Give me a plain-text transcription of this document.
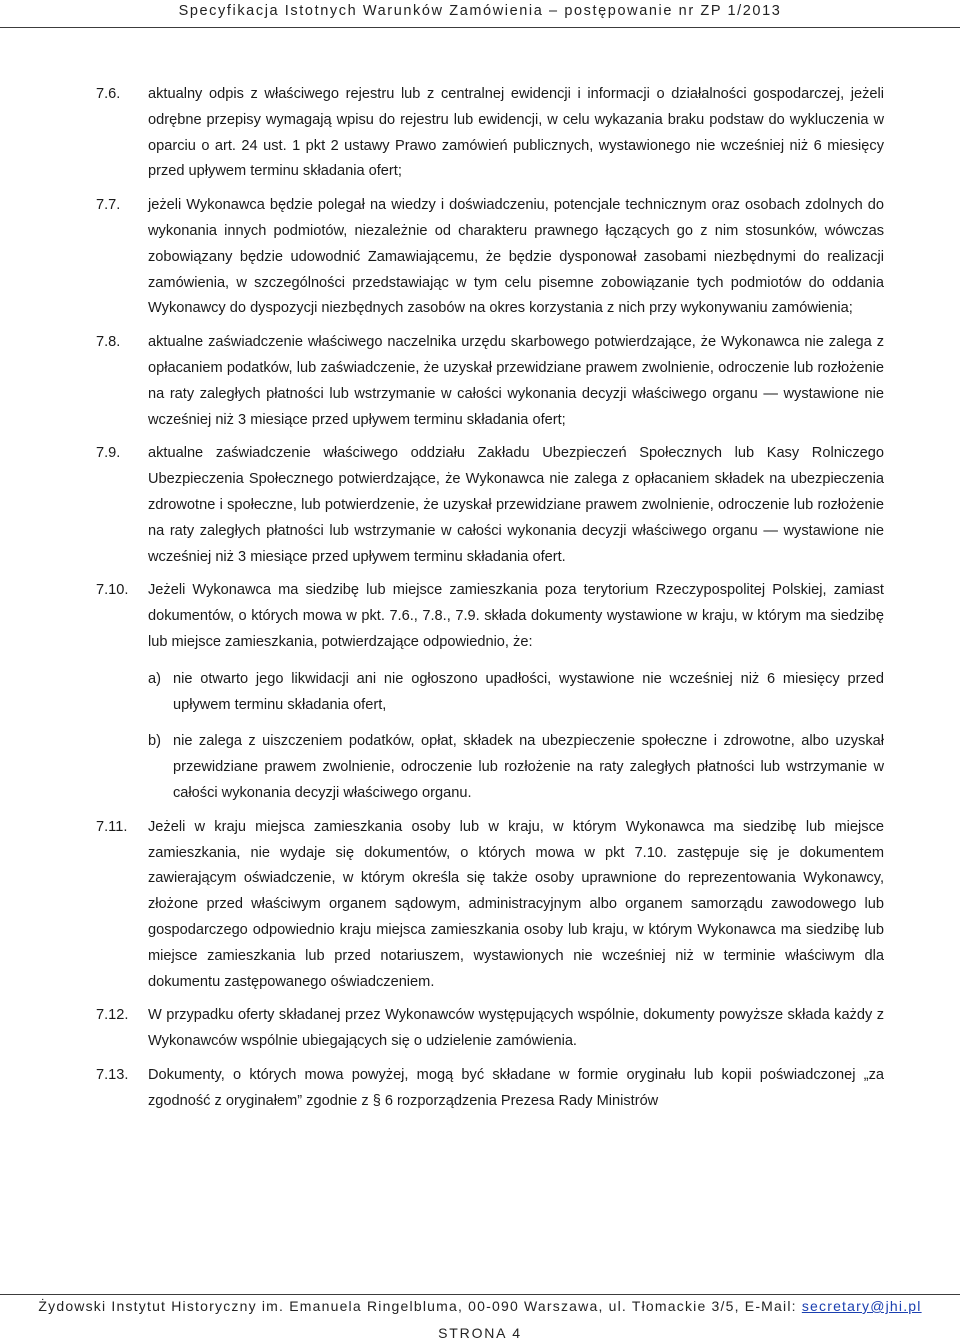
Specyfikacja Istotnych Warunków Zamówienia – postępowanie nr ZP 1/2013
7.6. aktualny odpis z właściwego rejestru lub z centralnej ewidencji i informacji o działalności gospodarczej, jeżeli odrębne przepisy wymagają wpisu do rejestru lub ewidencji, w celu wykazania braku podstaw do wykluczenia w oparciu o art. 24 ust. 1 pkt 2 ustawy Prawo zamówień publicznych, wystawionego nie wcześniej niż 6 miesięcy przed upływem terminu składania ofert;
7.7. jeżeli Wykonawca będzie polegał na wiedzy i doświadczeniu, potencjale technicznym oraz osobach zdolnych do wykonania innych podmiotów, niezależnie od charakteru prawnego łączących go z nim stosunków, wówczas zobowiązany będzie udowodnić Zamawiającemu, że będzie dysponował zasobami niezbędnymi do realizacji zamówienia, w szczególności przedstawiając w tym celu pisemne zobowiązanie tych podmiotów do oddania Wykonawcy do dyspozycji niezbędnych zasobów na okres korzystania z nich przy wykonywaniu zamówienia;
7.8. aktualne zaświadczenie właściwego naczelnika urzędu skarbowego potwierdzające, że Wykonawca nie zalega z opłacaniem podatków, lub zaświadczenie, że uzyskał przewidziane prawem zwolnienie, odroczenie lub rozłożenie na raty zaległych płatności lub wstrzymanie w całości wykonania decyzji właściwego organu — wystawione nie wcześniej niż 3 miesiące przed upływem terminu składania ofert;
7.9. aktualne zaświadczenie właściwego oddziału Zakładu Ubezpieczeń Społecznych lub Kasy Rolniczego Ubezpieczenia Społecznego potwierdzające, że Wykonawca nie zalega z opłacaniem składek na ubezpieczenia zdrowotne i społeczne, lub potwierdzenie, że uzyskał przewidziane prawem zwolnienie, odroczenie lub rozłożenie na raty zaległych płatności lub wstrzymanie w całości wykonania decyzji właściwego organu — wystawione nie wcześniej niż 3 miesiące przed upływem terminu składania ofert.
7.10. Jeżeli Wykonawca ma siedzibę lub miejsce zamieszkania poza terytorium Rzeczypospolitej Polskiej, zamiast dokumentów, o których mowa w pkt. 7.6., 7.8., 7.9. składa dokumenty wystawione w kraju, w którym ma siedzibę lub miejsce zamieszkania, potwierdzające odpowiednio, że:
a) nie otwarto jego likwidacji ani nie ogłoszono upadłości, wystawione nie wcześniej niż 6 miesięcy przed upływem terminu składania ofert,
b) nie zalega z uiszczeniem podatków, opłat, składek na ubezpieczenie społeczne i zdrowotne, albo uzyskał przewidziane prawem zwolnienie, odroczenie lub rozłożenie na raty zaległych płatności lub wstrzymanie w całości wykonania decyzji właściwego organu.
7.11. Jeżeli w kraju miejsca zamieszkania osoby lub w kraju, w którym Wykonawca ma siedzibę lub miejsce zamieszkania, nie wydaje się dokumentów, o których mowa w pkt 7.10. zastępuje się je dokumentem zawierającym oświadczenie, w którym określa się także osoby uprawnione do reprezentowania Wykonawcy, złożone przed właściwym organem sądowym, administracyjnym albo organem samorządu zawodowego lub gospodarczego odpowiednio kraju miejsca zamieszkania osoby lub kraju, w którym Wykonawca ma siedzibę lub miejsce zamieszkania lub przed notariuszem, wystawionych nie wcześniej niż w terminie właściwym dla dokumentu zastępowanego oświadczeniem.
7.12. W przypadku oferty składanej przez Wykonawców występujących wspólnie, dokumenty powyższe składa każdy z Wykonawców wspólnie ubiegających się o udzielenie zamówienia.
7.13. Dokumenty, o których mowa powyżej, mogą być składane w formie oryginału lub kopii poświadczonej „za zgodność z oryginałem” zgodnie z § 6 rozporządzenia Prezesa Rady Ministrów
Żydowski Instytut Historyczny im. Emanuela Ringelbluma, 00-090 Warszawa, ul. Tłomackie 3/5, E-Mail: secretary@jhi.pl
STRONA 4
